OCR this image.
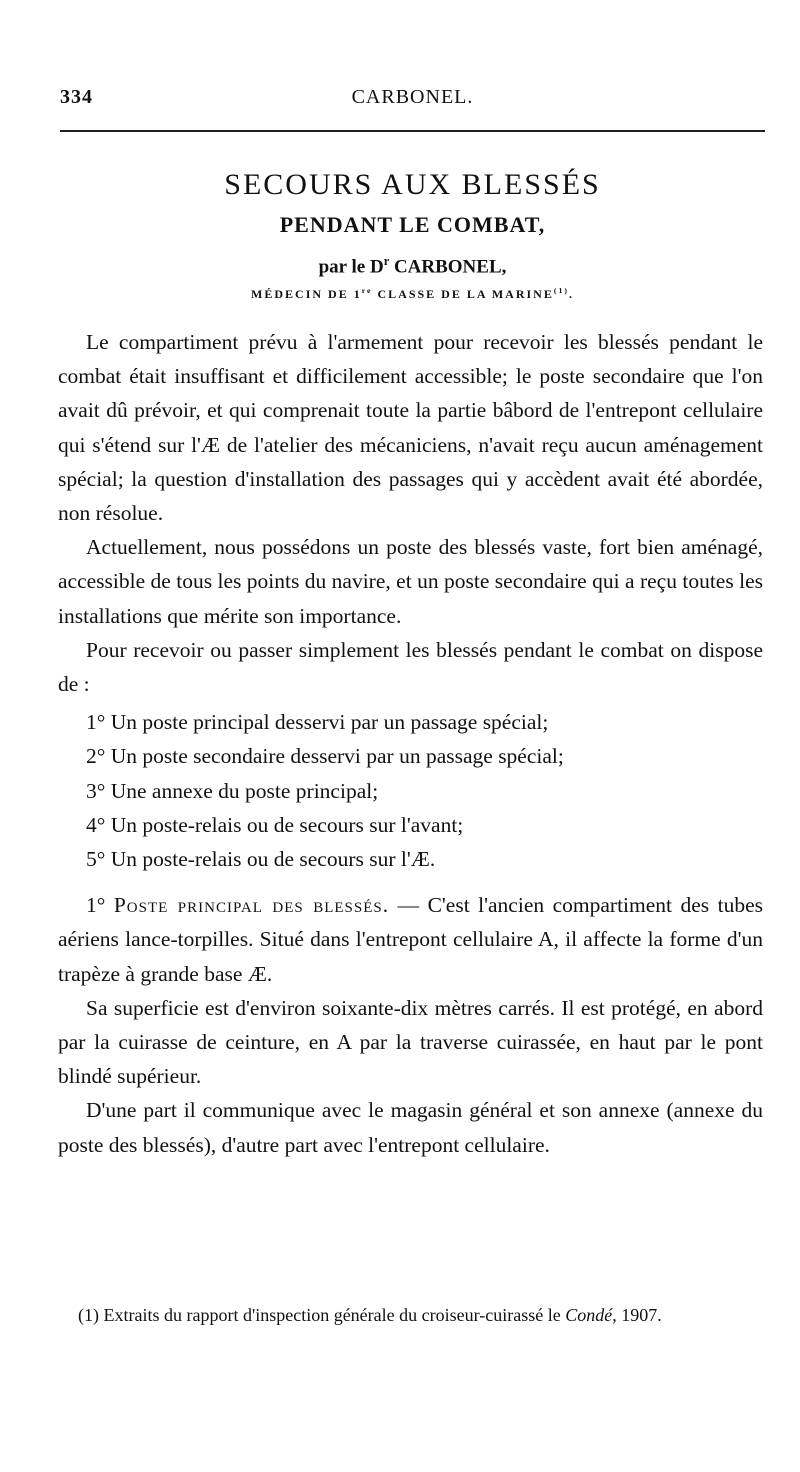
334	CARBONEL.
SECOURS AUX BLESSÉS
PENDANT LE COMBAT,
par le $D^r$ CARBONEL,
MÉDECIN DE 1re CLASSE DE LA MARINE$^{(1)}$.

Le compartiment prévu à l'armement pour recevoir les blessés pendant le combat était insuffisant et difficilement accessible; le poste secondaire que l'on avait dû prévoir, et qui comprenait toute la partie bâbord de l'entrepont cellulaire qui s'étend sur l'Æ de l'atelier des mécaniciens, n'avait reçu aucun aménagement spécial; la question d'installation des passages qui y accèdent avait été abordée, non résolue.

Actuellement, nous possédons un poste des blessés vaste, fort bien aménagé, accessible de tous les points du navire, et un poste secondaire qui a reçu toutes les installations que mérite son importance.

Pour recevoir ou passer simplement les blessés pendant le combat on dispose de :

1° Un poste principal desservi par un passage spécial;
2° Un poste secondaire desservi par un passage spécial;
3° Une annexe du poste principal;
4° Un poste-relais ou de secours sur l'avant;
5° Un poste-relais ou de secours sur l'Æ.

1° Poste principal des blessés. — C'est l'ancien compartiment des tubes aériens lance-torpilles. Situé dans l'entrepont cellulaire A, il affecte la forme d'un trapèze à grande base Æ.

Sa superficie est d'environ soixante-dix mètres carrés. Il est protégé, en abord par la cuirasse de ceinture, en A par la traverse cuirassée, en haut par le pont blindé supérieur.

D'une part il communique avec le magasin général et son annexe (annexe du poste des blessés), d'autre part avec l'entrepont cellulaire.

(1) Extraits du rapport d'inspection générale du croiseur-cuirassé le Condé, 1907.
